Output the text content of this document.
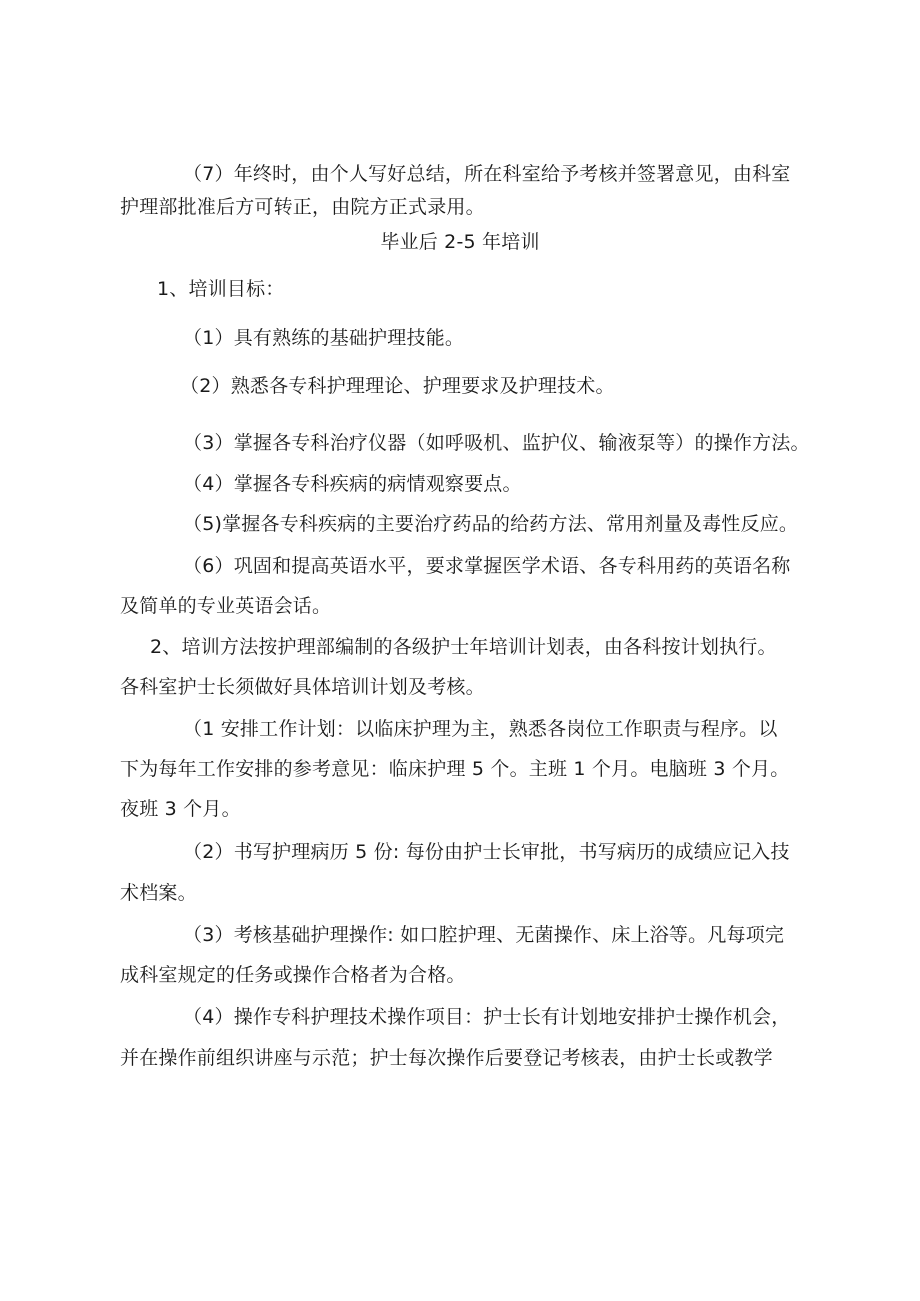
（7）年终时，由个人写好总结，所在科室给予考核并签署意见，由科室
护理部批准后方可转正，由院方正式录用。
毕业后 2-5 年培训
1、培训目标：
（1）具有熟练的基础护理技能。
（2）熟悉各专科护理理论、护理要求及护理技术。
（3）掌握各专科治疗仪器（如呼吸机、监护仪、输液泵等）的操作方法。
（4）掌握各专科疾病的病情观察要点。
（5)掌握各专科疾病的主要治疗药品的给药方法、常用剂量及毒性反应。
（6）巩固和提高英语水平，要求掌握医学术语、各专科用药的英语名称
及简单的专业英语会话。
2、培训方法按护理部编制的各级护士年培训计划表，由各科按计划执行。
各科室护士长须做好具体培训计划及考核。
（1 安排工作计划：以临床护理为主，熟悉各岗位工作职责与程序。以
下为每年工作安排的参考意见：临床护理 5 个。主班 1 个月。电脑班 3 个月。
夜班 3 个月。
（2）书写护理病历 5 份: 每份由护士长审批，书写病历的成绩应记入技
术档案。
（3）考核基础护理操作: 如口腔护理、无菌操作、床上浴等。凡每项完
成科室规定的任务或操作合格者为合格。
（4）操作专科护理技术操作项目：护士长有计划地安排护士操作机会，
并在操作前组织讲座与示范；护士每次操作后要登记考核表，由护士长或教学
